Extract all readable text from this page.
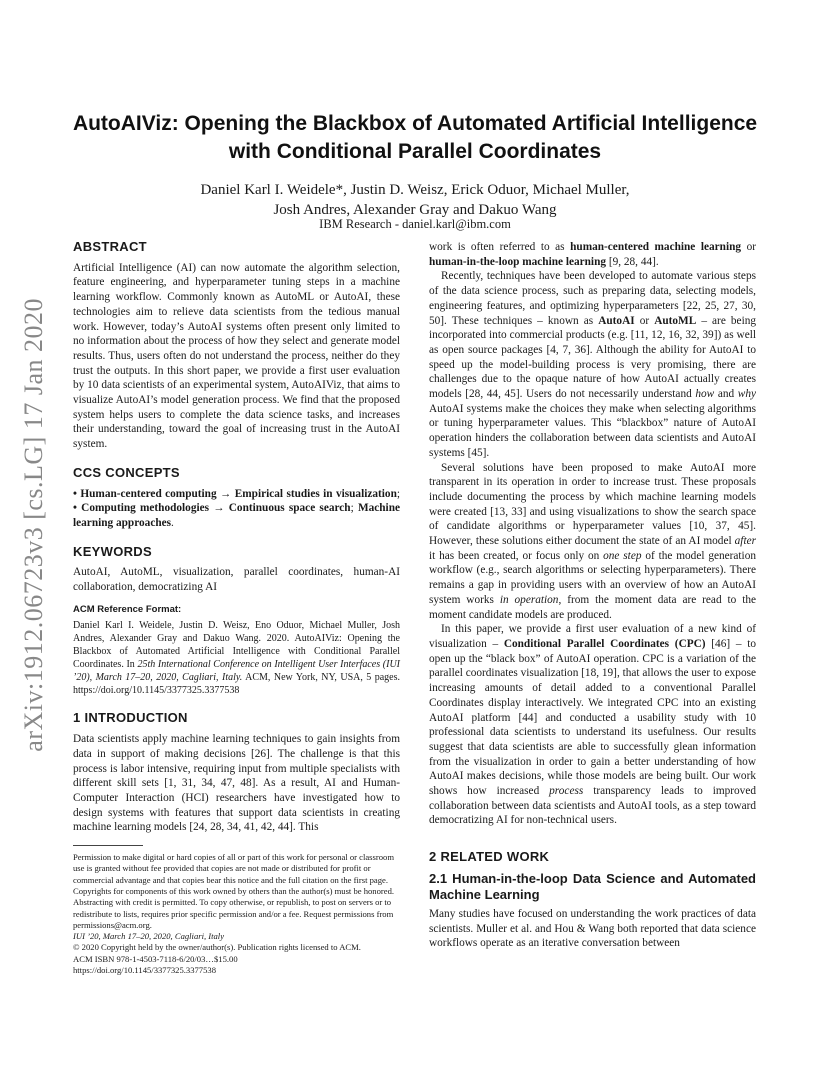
arXiv:1912.06723v3 [cs.LG] 17 Jan 2020
AutoAIViz: Opening the Blackbox of Automated Artificial Intelligence with Conditional Parallel Coordinates
Daniel Karl I. Weidele*, Justin D. Weisz, Erick Oduor, Michael Muller,
Josh Andres, Alexander Gray and Dakuo Wang
IBM Research - daniel.karl@ibm.com
ABSTRACT

Artificial Intelligence (AI) can now automate the algorithm selection, feature engineering, and hyperparameter tuning steps in a machine learning workflow. Commonly known as AutoML or AutoAI, these technologies aim to relieve data scientists from the tedious manual work. However, today’s AutoAI systems often present only limited to no information about the process of how they select and generate model results. Thus, users often do not understand the process, neither do they trust the outputs. In this short paper, we provide a first user evaluation by 10 data scientists of an experimental system, AutoAIViz, that aims to visualize AutoAI’s model generation process. We find that the proposed system helps users to complete the data science tasks, and increases their understanding, toward the goal of increasing trust in the AutoAI system.

CCS CONCEPTS

• Human-centered computing → Empirical studies in visualization; • Computing methodologies → Continuous space search; Machine learning approaches.

KEYWORDS

AutoAI, AutoML, visualization, parallel coordinates, human-AI collaboration, democratizing AI

ACM Reference Format:

Daniel Karl I. Weidele, Justin D. Weisz, Eno Oduor, Michael Muller, Josh Andres, Alexander Gray and Dakuo Wang. 2020. AutoAIViz: Opening the Blackbox of Automated Artificial Intelligence with Conditional Parallel Coordinates. In 25th International Conference on Intelligent User Interfaces (IUI ’20), March 17–20, 2020, Cagliari, Italy. ACM, New York, NY, USA, 5 pages. https://doi.org/10.1145/3377325.3377538

1 INTRODUCTION

Data scientists apply machine learning techniques to gain insights from data in support of making decisions [26]. The challenge is that this process is labor intensive, requiring input from multiple specialists with different skill sets [1, 31, 34, 47, 48]. As a result, AI and Human-Computer Interaction (HCI) researchers have investigated how to design systems with features that support data scientists in creating machine learning models [24, 28, 34, 41, 42, 44]. This

Permission to make digital or hard copies of all or part of this work for personal or classroom use is granted without fee provided that copies are not made or distributed for profit or commercial advantage and that copies bear this notice and the full citation on the first page. Copyrights for components of this work owned by others than the author(s) must be honored. Abstracting with credit is permitted. To copy otherwise, or republish, to post on servers or to redistribute to lists, requires prior specific permission and/or a fee. Request permissions from permissions@acm.org.

IUI ’20, March 17–20, 2020, Cagliari, Italy

© 2020 Copyright held by the owner/author(s). Publication rights licensed to ACM.

ACM ISBN 978-1-4503-7118-6/20/03…$15.00

https://doi.org/10.1145/3377325.3377538

work is often referred to as human-centered machine learning or human-in-the-loop machine learning [9, 28, 44].

Recently, techniques have been developed to automate various steps of the data science process, such as preparing data, selecting models, engineering features, and optimizing hyperparameters [22, 25, 27, 30, 50]. These techniques – known as AutoAI or AutoML – are being incorporated into commercial products (e.g. [11, 12, 16, 32, 39]) as well as open source packages [4, 7, 36]. Although the ability for AutoAI to speed up the model-building process is very promising, there are challenges due to the opaque nature of how AutoAI actually creates models [28, 44, 45]. Users do not necessarily understand how and why AutoAI systems make the choices they make when selecting algorithms or tuning hyperparameter values. This “blackbox” nature of AutoAI operation hinders the collaboration between data scientists and AutoAI systems [45].

Several solutions have been proposed to make AutoAI more transparent in its operation in order to increase trust. These proposals include documenting the process by which machine learning models were created [13, 33] and using visualizations to show the search space of candidate algorithms or hyperparameter values [10, 37, 45]. However, these solutions either document the state of an AI model after it has been created, or focus only on one step of the model generation workflow (e.g., search algorithms or selecting hyperparameters). There remains a gap in providing users with an overview of how an AutoAI system works in operation, from the moment data are read to the moment candidate models are produced.

In this paper, we provide a first user evaluation of a new kind of visualization – Conditional Parallel Coordinates (CPC) [46] – to open up the “black box” of AutoAI operation. CPC is a variation of the parallel coordinates visualization [18, 19], that allows the user to expose increasing amounts of detail added to a conventional Parallel Coordinates display interactively. We integrated CPC into an existing AutoAI platform [44] and conducted a usability study with 10 professional data scientists to understand its usefulness. Our results suggest that data scientists are able to successfully glean information from the visualization in order to gain a better understanding of how AutoAI makes decisions, while those models are being built. Our work shows how increased process transparency leads to improved collaboration between data scientists and AutoAI tools, as a step toward democratizing AI for non-technical users.

2 RELATED WORK
2.1 Human-in-the-loop Data Science and Automated Machine Learning

Many studies have focused on understanding the work practices of data scientists. Muller et al. and Hou & Wang both reported that data science workflows operate as an iterative conversation between
